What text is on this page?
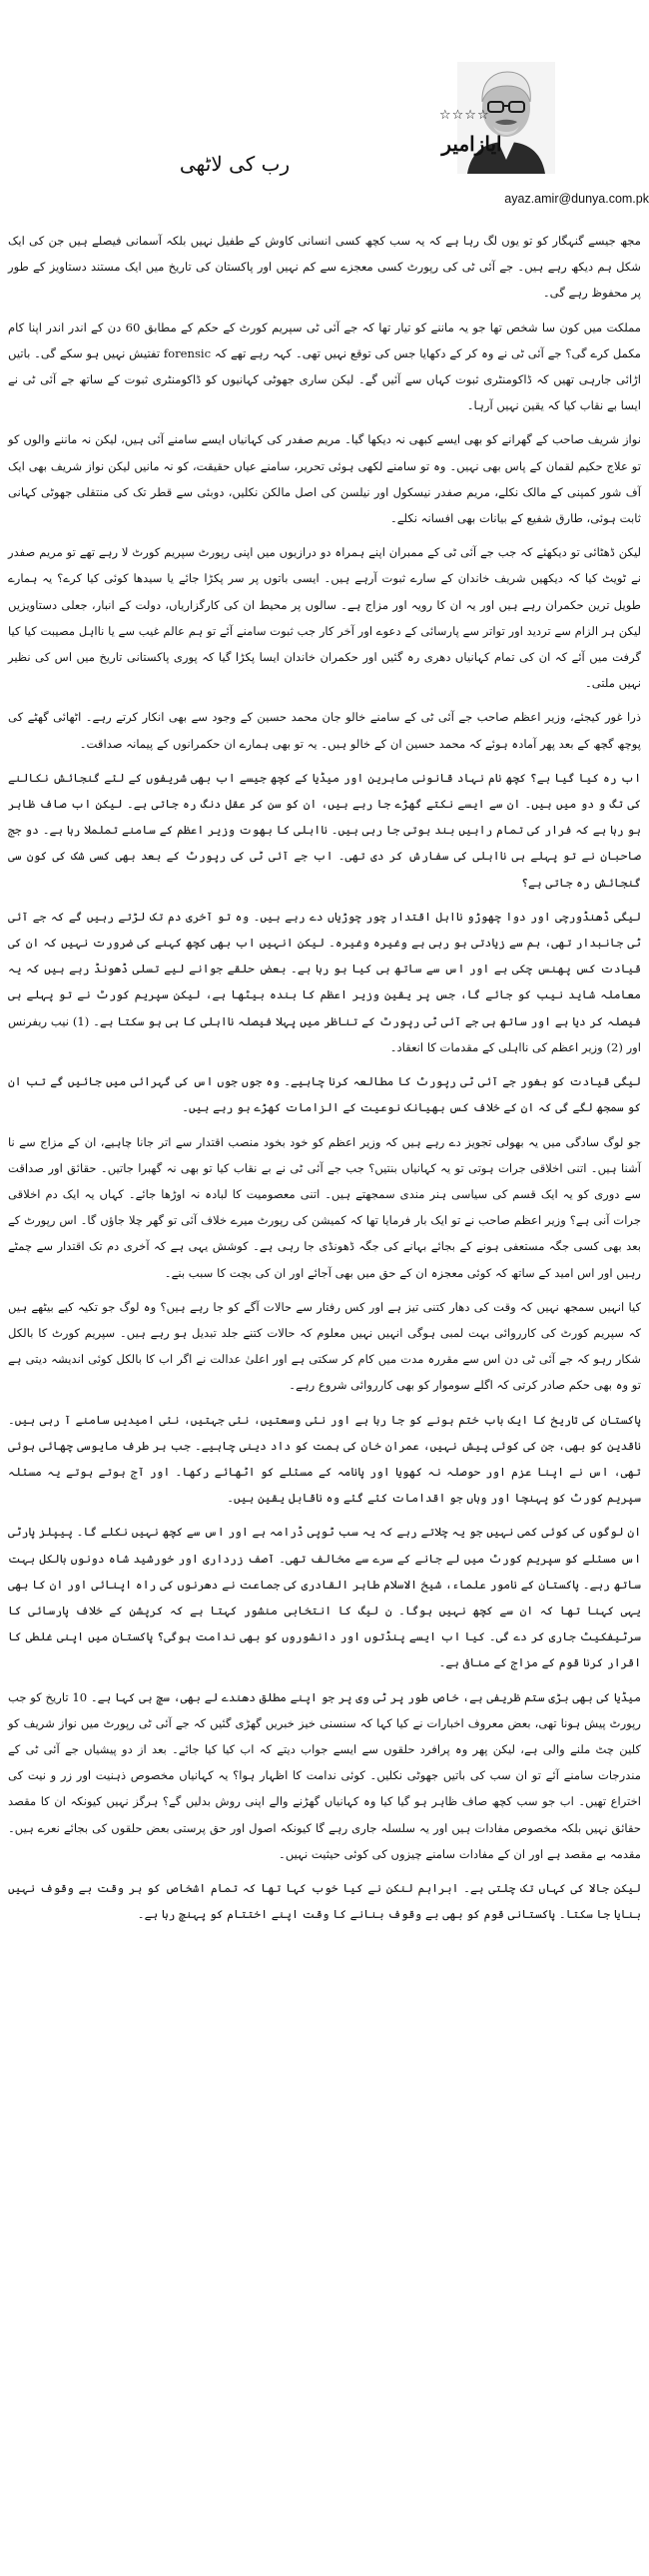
☆☆☆☆
ایازامیر
ayaz.amir@dunya.com.pk
رب کی لاٹھی

مجھ جیسے گنہگار کو تو یوں لگ رہا ہے کہ یہ سب کچھ کسی انسانی کاوش کے طفیل نہیں بلکہ آسمانی فیصلے ہیں جن کی ایک شکل ہم دیکھ رہے ہیں۔ جے آئی ٹی کی رپورٹ کسی معجزے سے کم نہیں اور پاکستان کی تاریخ میں ایک مستند دستاویز کے طور پر محفوظ رہے گی۔

مملکت میں کون سا شخص تھا جو یہ ماننے کو تیار تھا کہ جے آئی ٹی سپریم کورٹ کے حکم کے مطابق 60 دن کے اندر اندر اپنا کام مکمل کرے گی؟ جے آئی ٹی نے وہ کر کے دکھایا جس کی توقع نہیں تھی۔ کہہ رہے تھے کہ forensic تفتیش نہیں ہو سکے گی۔ باتیں اڑائی جارہی تھیں کہ ڈاکومنٹری ثبوت کہاں سے آئیں گے۔ لیکن ساری جھوٹی کہانیوں کو ڈاکومنٹری ثبوت کے ساتھ جے آئی ٹی نے ایسا بے نقاب کیا کہ یقین نہیں آرہا۔

نواز شریف صاحب کے گھرانے کو بھی ایسے کبھی نہ دیکھا گیا۔ مریم صفدر کی کہانیاں ایسے سامنے آئی ہیں، لیکن نہ ماننے والوں کو تو علاج حکیم لقمان کے پاس بھی نہیں۔ وہ تو سامنے لکھی ہوئی تحریر، سامنے عیاں حقیقت، کو نہ مانیں لیکن نواز شریف بھی ایک آف شور کمپنی کے مالک نکلے، مریم صفدر نیسکول اور نیلسن کی اصل مالکن نکلیں، دوبئی سے قطر تک کی منتقلی جھوٹی کہانی ثابت ہوئی، طارق شفیع کے بیانات بھی افسانہ نکلے۔

لیکن ڈھٹائی تو دیکھئے کہ جب جے آئی ٹی کے ممبران اپنے ہمراہ دو درازیوں میں اپنی رپورٹ سپریم کورٹ لا رہے تھے تو مریم صفدر نے ٹویٹ کیا کہ دیکھیں شریف خاندان کے سارے ثبوت آرہے ہیں۔ ایسی باتوں پر سر پکڑا جائے یا سیدھا کوئی کیا کرے؟ یہ ہمارے طویل ترین حکمران رہے ہیں اور یہ ان کا رویہ اور مزاج ہے۔ سالوں پر محیط ان کی کارگزاریاں، دولت کے انبار، جعلی دستاویزیں لیکن ہر الزام سے تردید اور تواتر سے پارسائی کے دعوے اور آخر کار جب ثبوت سامنے آئے تو ہم عالم غیب سے یا نااہل مصیبت کیا کیا گرفت میں آئے کہ ان کی تمام کہانیاں دھری رہ گئیں اور حکمران خاندان ایسا پکڑا گیا کہ پوری پاکستانی تاریخ میں اس کی نظیر نہیں ملتی۔

ذرا غور کیجئے، وزیر اعظم صاحب جے آئی ٹی کے سامنے خالو جان محمد حسین کے وجود سے بھی انکار کرتے رہے۔ اٹھائی گھٹے کی پوچھ گچھ کے بعد پھر آمادہ ہوئے کہ محمد حسین ان کے خالو ہیں۔ یہ تو بھی ہمارے ان حکمرانوں کے پیمانہ صداقت۔

اب رہ کیا گیا ہے؟ کچھ نام نہاد قانونی ماہرین اور میڈیا کے کچھ جیسے اب بھی شریفوں کے لئے گنجائش نکالنے کی تگ و دو میں ہیں۔ ان سے ایسے نکتے گھڑے جا رہے ہیں، ان کو سن کر عقل دنگ رہ جاتی ہے۔ لیکن اب صاف ظاہر ہو رہا ہے کہ فرار کی تمام راہیں بند ہوتی جا رہی ہیں۔ نااہلی کا بھوت وزیر اعظم کے سامنے تململا رہا ہے۔ دو جج صاحبان نے تو پہلے ہی نااہلی کی سفارش کر دی تھی۔ اب جے آئی ٹی کی رپورٹ کے بعد بھی کسی شک کی کون سی گنجائش رہ جاتی ہے؟

لیگی ڈھنڈورچی اور دوا چھوڑو نااہل اقتدار چور چوڑیاں دے رہے ہیں۔ وہ تو آخری دم تک لڑتے رہیں گے کہ جے آئی ٹی جانبدار تھی، ہم سے زیادتی ہو رہی ہے وغیرہ وغیرہ۔ لیکن انہیں اب بھی کچھ کہنے کی ضرورت نہیں کہ ان کی قیادت کس پھنس چکی ہے اور اس سے ساتھ ہی کیا ہو رہا ہے۔ بعض حلقے جوانے لیے تسلی ڈھونڈ رہے ہیں کہ یہ معاملہ شاید نیب کو جائے گا، جس پر یقین وزیر اعظم کا بندہ بیٹھا ہے، لیکن سپریم کورٹ نے تو پہلے ہی فیصلہ کر دیا ہے اور ساتھ ہی جے آئی ٹی رپورٹ کے تناظر میں پہلا فیصلہ نااہلی کا ہی ہو سکتا ہے۔ (1) نیب ریفرنس اور (2) وزیر اعظم کی نااہلی کے مقدمات کا انعقاد۔

لیگی قیادت کو بغور جے آئی ٹی رپورٹ کا مطالعہ کرنا چاہیے۔ وہ جوں جوں اس کی گہرائی میں جائیں گے تب ان کو سمجھ لگے گی کہ ان کے خلاف کس بھیانک نوعیت کے الزامات کھڑے ہو رہے ہیں۔

جو لوگ سادگی میں یہ بھولی تجویز دے رہے ہیں کہ وزیر اعظم کو خود بخود منصب اقتدار سے اتر جانا چاہیے، ان کے مزاج سے نا آشنا ہیں۔ اتنی اخلاقی جرات ہوتی تو یہ کہانیاں بنتیں؟ جب جے آئی ٹی نے بے نقاب کیا تو بھی نہ گھبرا جاتیں۔ حقائق اور صداقت سے دوری کو یہ ایک قسم کی سیاسی ہنر مندی سمجھتے ہیں۔ اتنی معصومیت کا لبادہ نہ اوڑھا جائے۔ کہاں یہ ایک دم اخلاقی جرات آنی ہے؟ وزیر اعظم صاحب نے تو ایک بار فرمایا تھا کہ کمیشن کی رپورٹ میرے خلاف آئی تو گھر چلا جاؤں گا۔ اس رپورٹ کے بعد بھی کسی جگہ مستعفی ہونے کے بجائے بہانے کی جگہ ڈھونڈی جا رہی ہے۔ کوشش یہی ہے کہ آخری دم تک اقتدار سے چمٹے رہیں اور اس امید کے ساتھ کہ کوئی معجزہ ان کے حق میں بھی آجائے اور ان کی بچت کا سبب بنے۔

کیا انہیں سمجھ نہیں کہ وقت کی دھار کتنی تیز ہے اور کس رفتار سے حالات آگے کو جا رہے ہیں؟ وہ لوگ جو تکیہ کیے بیٹھے ہیں کہ سپریم کورٹ کی کارروائی بہت لمبی ہوگی انہیں نہیں معلوم کہ حالات کتنے جلد تبدیل ہو رہے ہیں۔ سپریم کورٹ کا بالکل شکار رہو کہ جے آئی ٹی دن اس سے مقررہ مدت میں کام کر سکتی ہے اور اعلیٰ عدالت نے اگر اب کا بالکل کوئی اندیشہ دیتی ہے تو وہ بھی حکم صادر کرتی کہ اگلے سوموار کو بھی کارروائی شروع رہے۔

پاکستان کی تاریخ کا ایک باب ختم ہونے کو جا رہا ہے اور نئی وسعتیں، نئی جہتیں، نئی امیدیں سامنے آ رہی ہیں۔ ناقدین کو بھی، جن کی کوئی پیش نہیں، عمران خان کی ہمت کو داد دینی چاہیے۔ جب ہر طرف مایوسی چھائی ہوئی تھی، اس نے اپنا عزم اور حوصلہ نہ کھویا اور پانامہ کے مسئلے کو اٹھائے رکھا۔ اور آج ہوتے ہوتے یہ مسئلہ سپریم کورٹ کو پہنچا اور وہاں جو اقدامات کئے گئے وہ ناقابل یقین ہیں۔

ان لوگوں کی کوئی کمی نہیں جو یہ چلاتے رہے کہ یہ سب ٹوپی ڈرامہ ہے اور اس سے کچھ نہیں نکلے گا۔ پیپلز پارٹی اس مسئلے کو سپریم کورٹ میں لے جانے کے سرے سے مخالف تھی۔ آصف زرداری اور خورشید شاہ دونوں بالکل بہت ساتھ رہے۔ پاکستان کے نامور علماء، شیخ الاسلام طاہر القادری کی جماعت نے دھرنوں کی راہ اپنائی اور ان کا بھی یہی کہنا تھا کہ ان سے کچھ نہیں ہوگا۔ ن لیگ کا انتخابی منشور کہتا ہے کہ کرپشن کے خلاف پارسائی کا سرٹیفکیٹ جاری کر دے گی۔ کیا اب ایسے پنڈتوں اور دانشوروں کو بھی ندامت ہوگی؟ پاکستان میں اپنی غلطی کا اقرار کرنا قوم کے مزاج کے منافی ہے۔

میڈیا کی بھی بڑی ستم ظریفی ہے، خاص طور پر ٹی وی پر جو اپنے مطلق دھندے لے بھی، سچ ہی کہا ہے۔ 10 تاریخ کو جب رپورٹ پیش ہونا تھی، بعض معروف اخبارات نے کیا کہا کہ سنسنی خیز خبریں گھڑی گئیں کہ جے آئی ٹی رپورٹ میں نواز شریف کو کلین چٹ ملنے والی ہے، لیکن پھر وہ پرافرد حلقوں سے ایسے جواب دیتے کہ اب کیا کیا جائے۔ بعد از دو پیشیاں جے آئی ٹی کے مندرجات سامنے آئے تو ان سب کی باتیں جھوٹی نکلیں۔ کوئی ندامت کا اظہار ہوا؟ یہ کہانیاں مخصوص ذہنیت اور زر و نیت کی اختراع تھیں۔ اب جو سب کچھ صاف ظاہر ہو گیا کیا وہ کہانیاں گھڑنے والے اپنی روش بدلیں گے؟ ہرگز نہیں کیونکہ ان کا مقصد حقائق نہیں بلکہ مخصوص مفادات ہیں اور یہ سلسلہ جاری رہے گا کیونکہ اصول اور حق پرستی بعض حلقوں کی بجائے نعرے ہیں۔ مقدمہ بے مقصد ہے اور ان کے مفادات سامنے چیزوں کی کوئی حیثیت نہیں۔

لیکن جالا کی کہاں تک چلتی ہے۔ ابراہم لنکن نے کیا خوب کہا تھا کہ تمام اشخاص کو ہر وقت بے وقوف نہیں بنایا جا سکتا۔ پاکستانی قوم کو بھی بے وقوف بنانے کا وقت اپنے اختتام کو پہنچ رہا ہے۔
